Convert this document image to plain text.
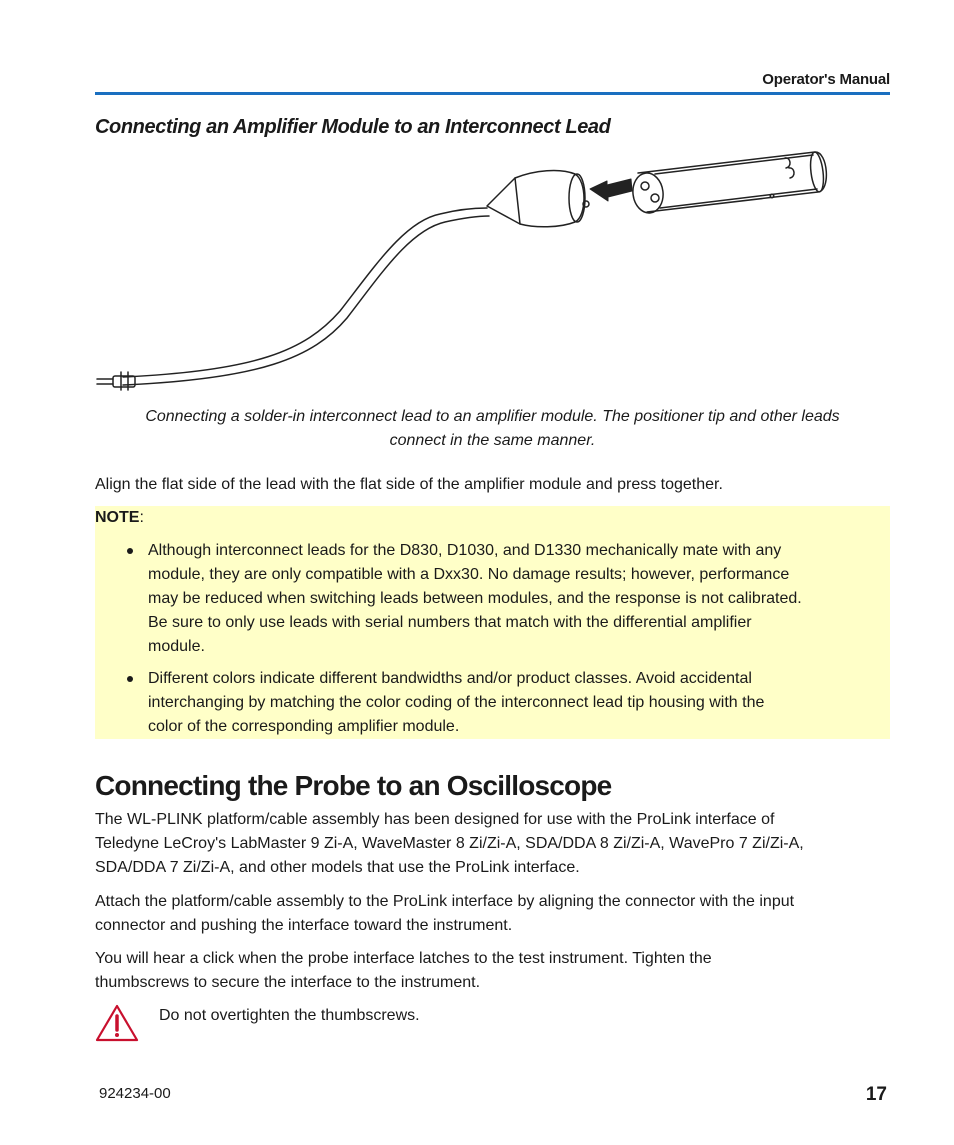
Operator's Manual
Connecting an Amplifier Module to an Interconnect Lead
Connecting a solder-in interconnect lead to an amplifier module. The positioner tip and other leads
connect in the same manner.
Align the flat side of the lead with the flat side of the amplifier module and press together.
NOTE:
Although interconnect leads for the D830, D1030, and D1330 mechanically mate with any
module, they are only compatible with a Dxx30. No damage results; however, performance
may be reduced when switching leads between modules, and the response is not calibrated.
Be sure to only use leads with serial numbers that match with the differential amplifier
module.
Different colors indicate different bandwidths and/or product classes. Avoid accidental
interchanging by matching the color coding of the interconnect lead tip housing with the
color of the corresponding amplifier module.
Connecting the Probe to an Oscilloscope
The WL-PLINK platform/cable assembly has been designed for use with the ProLink interface of
Teledyne LeCroy's LabMaster 9 Zi-A, WaveMaster 8 Zi/Zi-A, SDA/DDA 8 Zi/Zi-A, WavePro 7 Zi/Zi-A,
SDA/DDA 7 Zi/Zi-A, and other models that use the ProLink interface.
Attach the platform/cable assembly to the ProLink interface by aligning the connector with the input
connector and pushing the interface toward the instrument.
You will hear a click when the probe interface latches to the test instrument. Tighten the
thumbscrews to secure the interface to the instrument.
Do not overtighten the thumbscrews.
924234-00	17
